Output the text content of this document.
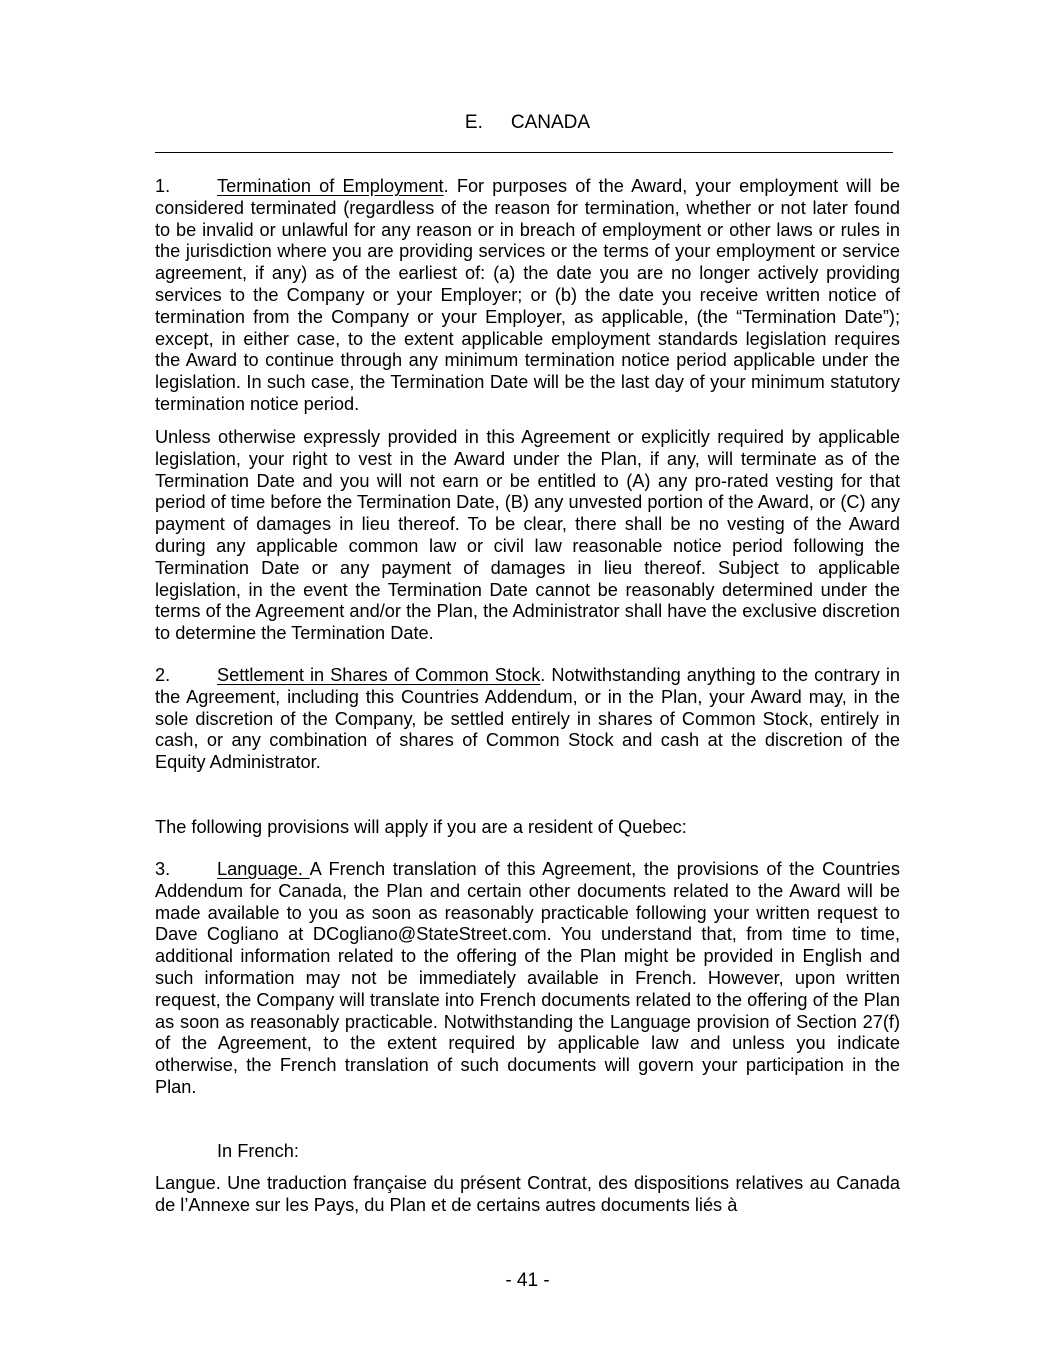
E. CANADA
1.	Termination of Employment. For purposes of the Award, your employment will be considered terminated (regardless of the reason for termination, whether or not later found to be invalid or unlawful for any reason or in breach of employment or other laws or rules in the jurisdiction where you are providing services or the terms of your employment or service agreement, if any) as of the earliest of: (a) the date you are no longer actively providing services to the Company or your Employer; or (b) the date you receive written notice of termination from the Company or your Employer, as applicable, (the “Termination Date”); except, in either case, to the extent applicable employment standards legislation requires the Award to continue through any minimum termination notice period applicable under the legislation. In such case, the Termination Date will be the last day of your minimum statutory termination notice period.
Unless otherwise expressly provided in this Agreement or explicitly required by applicable legislation, your right to vest in the Award under the Plan, if any, will terminate as of the Termination Date and you will not earn or be entitled to (A) any pro-rated vesting for that period of time before the Termination Date, (B) any unvested portion of the Award, or (C) any payment of damages in lieu thereof. To be clear, there shall be no vesting of the Award during any applicable common law or civil law reasonable notice period following the Termination Date or any payment of damages in lieu thereof. Subject to applicable legislation, in the event the Termination Date cannot be reasonably determined under the terms of the Agreement and/or the Plan, the Administrator shall have the exclusive discretion to determine the Termination Date.
2.	Settlement in Shares of Common Stock. Notwithstanding anything to the contrary in the Agreement, including this Countries Addendum, or in the Plan, your Award may, in the sole discretion of the Company, be settled entirely in shares of Common Stock, entirely in cash, or any combination of shares of Common Stock and cash at the discretion of the Equity Administrator.
The following provisions will apply if you are a resident of Quebec:
3.	Language. A French translation of this Agreement, the provisions of the Countries Addendum for Canada, the Plan and certain other documents related to the Award will be made available to you as soon as reasonably practicable following your written request to Dave Cogliano at DCogliano@StateStreet.com. You understand that, from time to time, additional information related to the offering of the Plan might be provided in English and such information may not be immediately available in French. However, upon written request, the Company will translate into French documents related to the offering of the Plan as soon as reasonably practicable. Notwithstanding the Language provision of Section 27(f) of the Agreement, to the extent required by applicable law and unless you indicate otherwise, the French translation of such documents will govern your participation in the Plan.
In French:
Langue. Une traduction française du présent Contrat, des dispositions relatives au Canada de l’Annexe sur les Pays, du Plan et de certains autres documents liés à
- 41 -
